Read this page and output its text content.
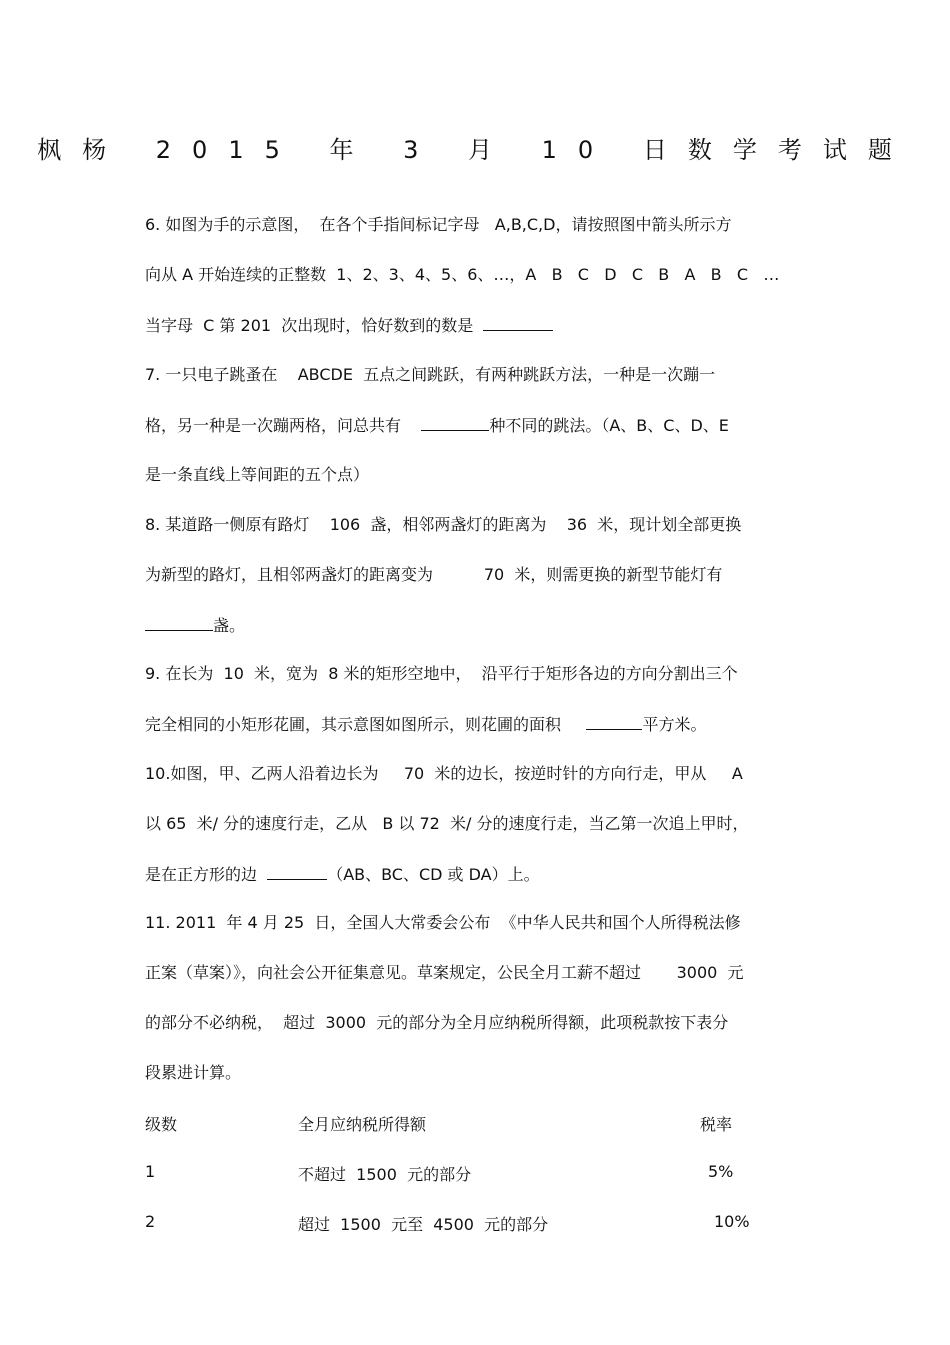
枫杨 2015 年 3 月 10 日数学考试题
6. 如图为手的示意图，  在各个手指间标记字母   A,B,C,D，请按照图中箭头所示方
向从 A 开始连续的正整数  1、2、3、4、5、6、…，A   B   C   D   C   B   A   B   C   …
当字母  C 第 201  次出现时，恰好数到的数是
7. 一只电子跳蚤在    ABCDE  五点之间跳跃，有两种跳跃方法，一种是一次蹦一
格，另一种是一次蹦两格，问总共有	种不同的跳法。（A、B、C、D、E
是一条直线上等间距的五个点）
8. 某道路一侧原有路灯    106  盏，相邻两盏灯的距离为    36  米，现计划全部更换
为新型的路灯，且相邻两盏灯的距离变为          70  米，则需更换的新型节能灯有
盏。
9. 在长为  10  米，宽为  8 米的矩形空地中，  沿平行于矩形各边的方向分割出三个
完全相同的小矩形花圃，其示意图如图所示，则花圃的面积	平方米。
10.如图，甲、乙两人沿着边长为     70  米的边长，按逆时针的方向行走，甲从     A
以 65  米/ 分的速度行走，乙从   B 以 72  米/ 分的速度行走，当乙第一次追上甲时，
是在正方形的边	（AB、BC、CD 或 DA）上。
11. 2011  年 4 月 25  日，全国人大常委会公布  《中华人民共和国个人所得税法修
正案（草案）》，向社会公开征集意见。草案规定，公民全月工薪不超过       3000  元
的部分不必纳税，  超过  3000  元的部分为全月应纳税所得额，此项税款按下表分
段累进计算。
级数	全月应纳税所得额	税率
1	不超过  1500  元的部分	5%
2	超过  1500  元至  4500  元的部分	10%
